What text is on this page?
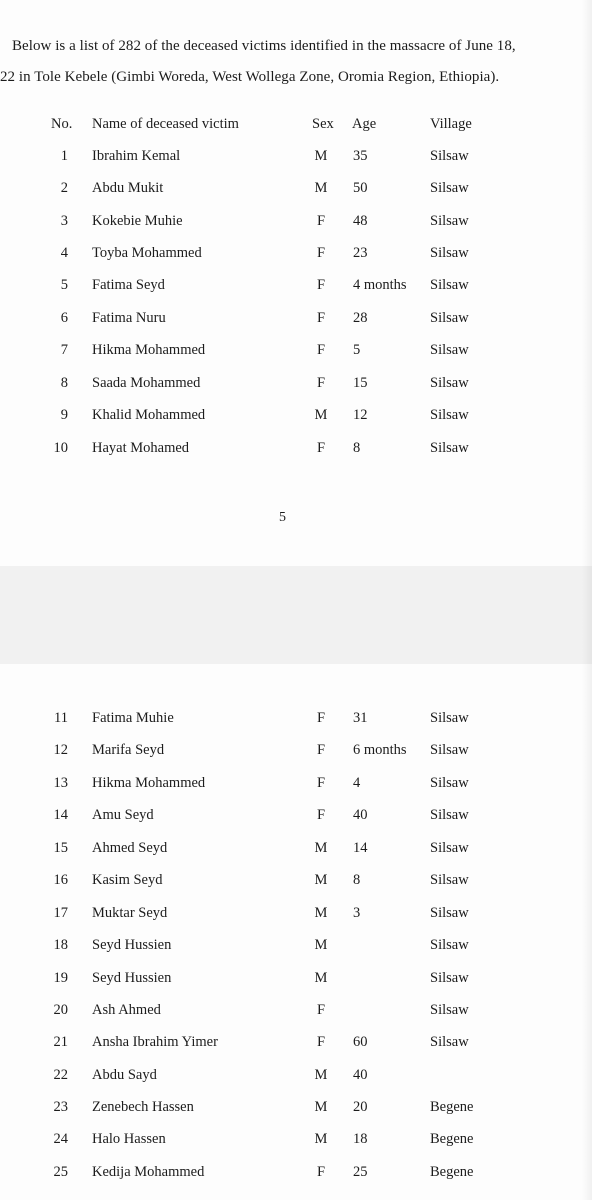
Below is a list of 282 of the deceased victims identified in the massacre of June 18,
22 in Tole Kebele (Gimbi Woreda, West Wollega Zone, Oromia Region, Ethiopia).
No. Name of deceased victim	Sex Age	Village
1 Ibrahim Kemal	M 35	Silsaw
2 Abdu Mukit	M 50	Silsaw
3 Kokebie Muhie	F	48	Silsaw
4 Toyba Mohammed	F	23	Silsaw
5 Fatima Seyd	F	4 months Silsaw
6 Fatima Nuru	F	28	Silsaw
7 Hikma Mohammed	F	5	Silsaw
8 Saada Mohammed	F	15	Silsaw
9 Khalid Mohammed	M 12	Silsaw
10 Hayat Mohamed	F	8	Silsaw
5
11 Fatima Muhie	F	31	Silsaw
12 Marifa Seyd	F	6 months Silsaw
13 Hikma Mohammed	F	4	Silsaw
14 Amu Seyd	F	40	Silsaw
15 Ahmed Seyd	M 14	Silsaw
16 Kasim Seyd	M 8	Silsaw
17 Muktar Seyd	M 3	Silsaw
18 Seyd Hussien	M	Silsaw
19 Seyd Hussien	M	Silsaw
20 Ash Ahmed	F	Silsaw
21 Ansha Ibrahim Yimer	F	60	Silsaw
22 Abdu Sayd	M 40
23 Zenebech Hassen	M 20	Begene
24 Halo Hassen	M 18	Begene
25 Kedija Mohammed	F	25	Begene
